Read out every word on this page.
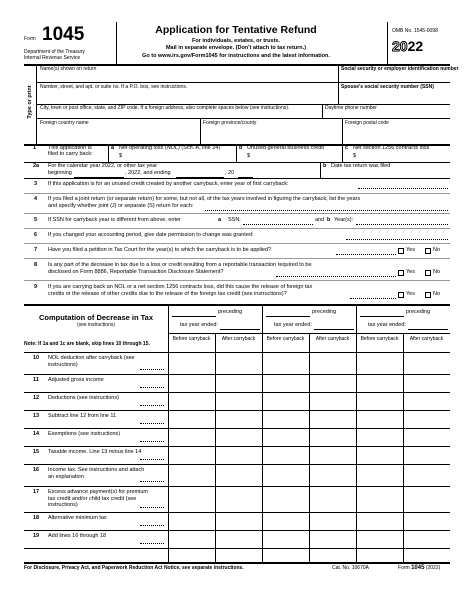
Form 1045
Department of the Treasury
Internal Revenue Service
Application for Tentative Refund
For individuals, estates, or trusts.
Mail in separate envelope. (Don't attach to tax return.)
Go to www.irs.gov/Form1045 for instructions and the latest information.
OMB No. 1545-0098
2022
Type or print
Name(s) shown on return	Social security or employer identification number
Number, street, and apt. or suite no. If a P.O. box, see instructions.	Spouse's social security number (SSN)
City, town or post office, state, and ZIP code. If a foreign address, also complete spaces below (see instructions).	Daytime phone number
Foreign country name	Foreign province/county	Foreign postal code
1 This application is
filed to carry back:
a Net operating loss (NOL) (Sch. A, line 24)
$
b Unused general business credit
$
c Net section 1256 contracts loss
$
2a For the calendar year 2022, or other tax year
beginning	, 2022, and ending	, 20
b Date tax return was filed
3 If this application is for an unused credit created by another carryback, enter year of first carryback:
4 If you filed a joint return (or separate return) for some, but not all, of the tax years involved in figuring the carryback, list the years
and specify whether joint (J) or separate (S) return for each:
5 If SSN for carryback year is different from above, enter	a SSN:	and b Year(s):
6 If you changed your accounting period, give date permission to change was granted:
7 Have you filed a petition in Tax Court for the year(s) to which the carryback is to be applied?	Yes	No
8 Is any part of the decrease in tax due to a loss or credit resulting from a reportable transaction required to be
disclosed on Form 8886, Reportable Transaction Disclosure Statement?	Yes	No
9 If you are carrying back an NOL or a net section 1256 contracts loss, did this cause the release of foreign tax
credits or the release of other credits due to the release of the foreign tax credit (see instructions)?	Yes	No
Computation of Decrease in Tax
(see instructions)
Note: If 1a and 1c are blank, skip lines 10 through 15.
preceding
tax year ended:
preceding
tax year ended:
preceding
tax year ended:
Before carryback	After carryback	Before carryback	After carryback	Before carryback	After carryback
10 NOL deduction after carryback (see
instructions)
11 Adjusted gross income
12 Deductions (see instructions)
13 Subtract line 12 from line 11
14 Exemptions (see instructions)
15 Taxable income. Line 13 minus line 14
16 Income tax. See instructions and attach
an explanation
17 Excess advance payment(s) for premium
tax credit and/or child tax credit (see
instructions)
18 Alternative minimum tax
19 Add lines 16 through 18
For Disclosure, Privacy Act, and Paperwork Reduction Act Notice, see separate instructions.	Cat. No. 10670A	Form 1045 (2022)
